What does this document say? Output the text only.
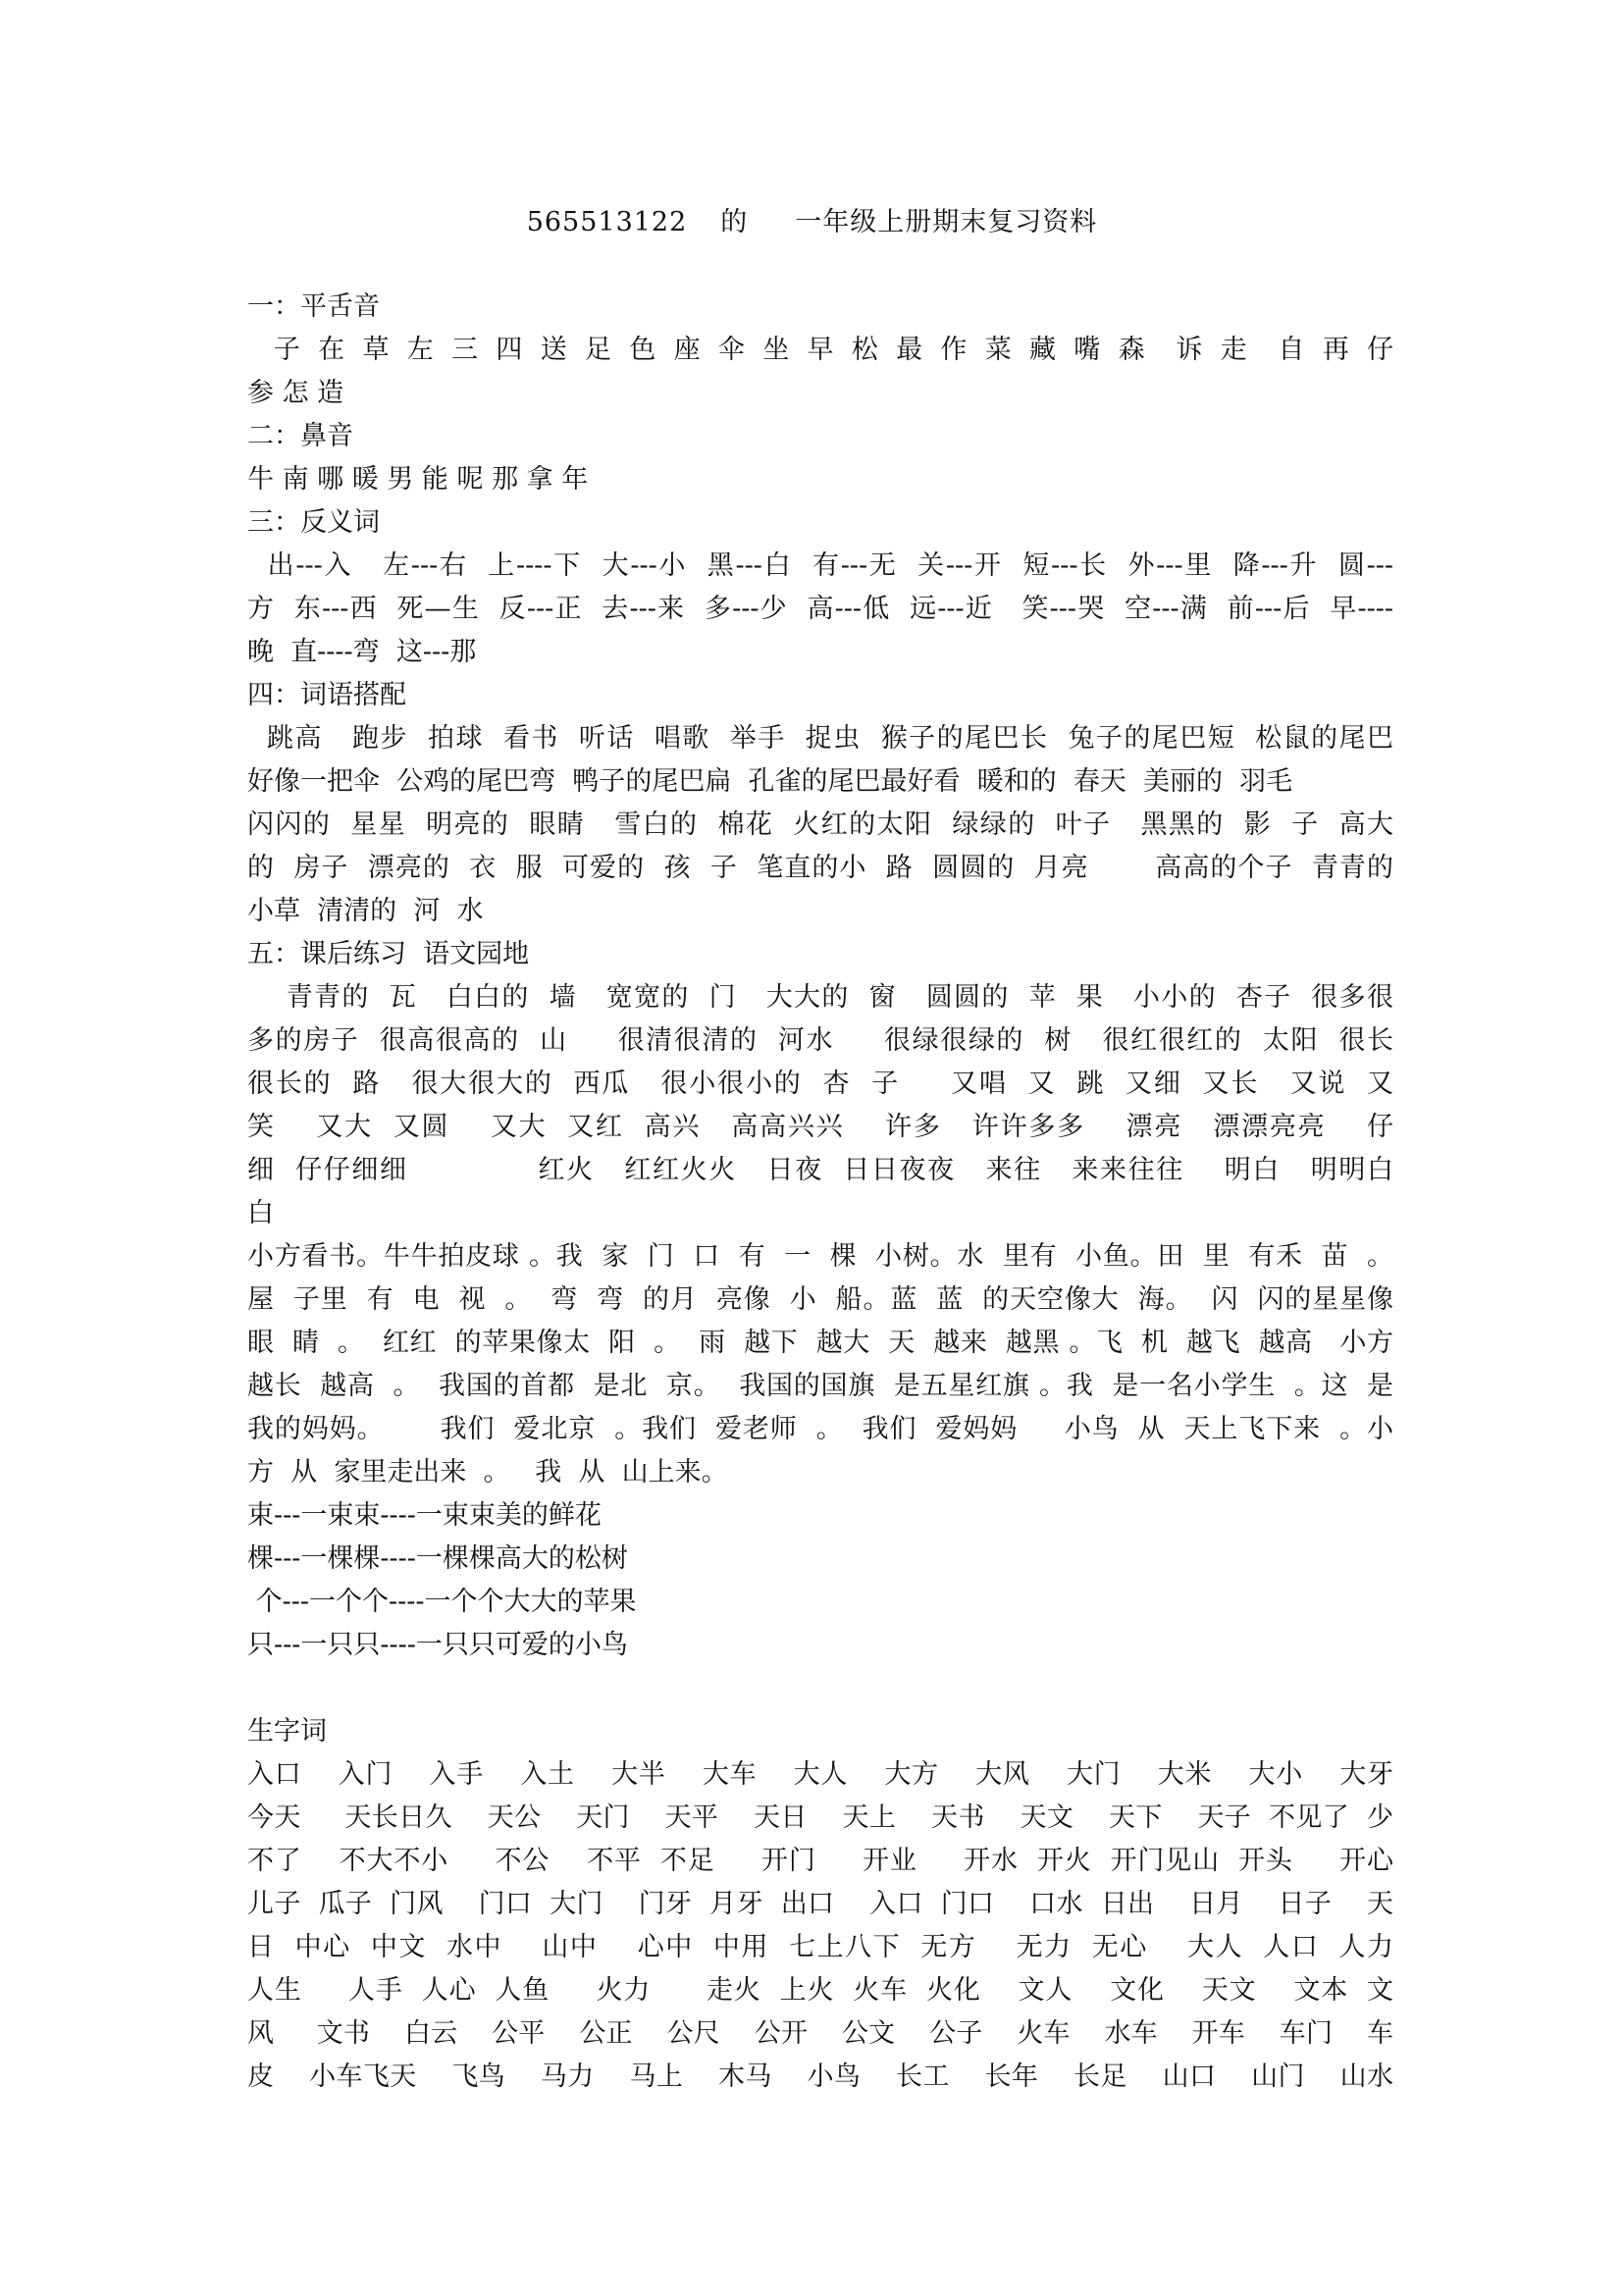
565513122 的 一年级上册期末复习资料
一：平舌音
子 在 草 左 三 四 送 足 色 座 伞 坐 早 松 最 作 菜 藏 嘴 森  诉 走  自 再 仔
参 怎 造
二：鼻音
牛 南 哪 暖 男 能 呢 那 拿 年
三：反义词
出---入   左---右  上----下  大---小  黑---白  有---无  关---开  短---长  外---里  降---升  圆---
方  东---西  死—生  反---正  去---来  多---少  高---低  远---近   笑---哭  空---满  前---后  早----
晚  直----弯  这---那
四：词语搭配
跳高   跑步  拍球  看书  听话  唱歌  举手  捉虫  猴子的尾巴长  兔子的尾巴短  松鼠的尾巴
好像一把伞  公鸡的尾巴弯  鸭子的尾巴扁  孔雀的尾巴最好看  暖和的  春天  美丽的  羽毛
闪闪的  星星  明亮的  眼睛   雪白的  棉花  火红的太阳  绿绿的  叶子   黑黑的  影  子  高大
的  房子  漂亮的  衣  服  可爱的  孩  子  笔直的小  路  圆圆的  月亮       高高的个子  青青的
小草  清清的  河  水
五：课后练习  语文园地
青青的  瓦   白白的  墙   宽宽的  门   大大的  窗   圆圆的  苹  果   小小的  杏子  很多很
多的房子  很高很高的  山     很清很清的  河水     很绿很绿的  树   很红很红的  太阳  很长
很长的  路   很大很大的  西瓜   很小很小的  杏  子     又唱  又  跳  又细  又长   又说  又
笑    又大  又圆    又大  又红  高兴   高高兴兴    许多   许许多多    漂亮   漂漂亮亮    仔
细  仔仔细细             红火   红红火火   日夜  日日夜夜   来往   来来往往    明白   明明白
白
小方看书。牛牛拍皮球 。我  家  门  口  有  一  棵  小树。水  里有  小鱼。田  里  有禾  苗  。
屋  子里  有  电  视  。  弯  弯  的月  亮像  小  船。蓝  蓝  的天空像大  海。  闪  闪的星星像
眼  睛  。  红红  的苹果像太  阳  。  雨  越下  越大  天  越来  越黑 。飞  机  越飞  越高   小方
越长  越高  。  我国的首都  是北  京。  我国的国旗  是五星红旗 。我  是一名小学生  。这  是
我的妈妈。      我们  爱北京  。我们  爱老师  。  我们  爱妈妈     小鸟  从  天上飞下来  。小
方  从  家里走出来  。   我  从  山上来。
束---一束束----一束束美的鲜花
棵---一棵棵----一棵棵高大的松树
个---一个个----一个个大大的苹果
只---一只只----一只只可爱的小鸟
生字词
入口    入门    入手    入土    大半    大车    大人    大方    大风    大门    大米    大小    大牙
今天     天长日久    天公    天门    天平    天日    天上    天书    天文    天下    天子  不见了  少
不了    不大不小     不公    不平  不足     开门     开业     开水  开火  开门见山  开头     开心
儿子  瓜子  门风    门口  大门    门牙  月牙  出口    入口  门口    口水  日出    日月    日子    天
日  中心  中文  水中    山中    心中  中用  七上八下  无方    无力  无心    大人  人口  人力
人生     人手  人心  人鱼     火力      走火  上火  火车  火化    文人    文化    天文    文本  文
风     文书    白云    公平    公正    公尺    公开    公文    公子    火车    水车    开车    车门    车
皮    小车飞天    飞鸟    马力    马上    木马    小鸟    长工    长年    长足    山口    山门    山水
